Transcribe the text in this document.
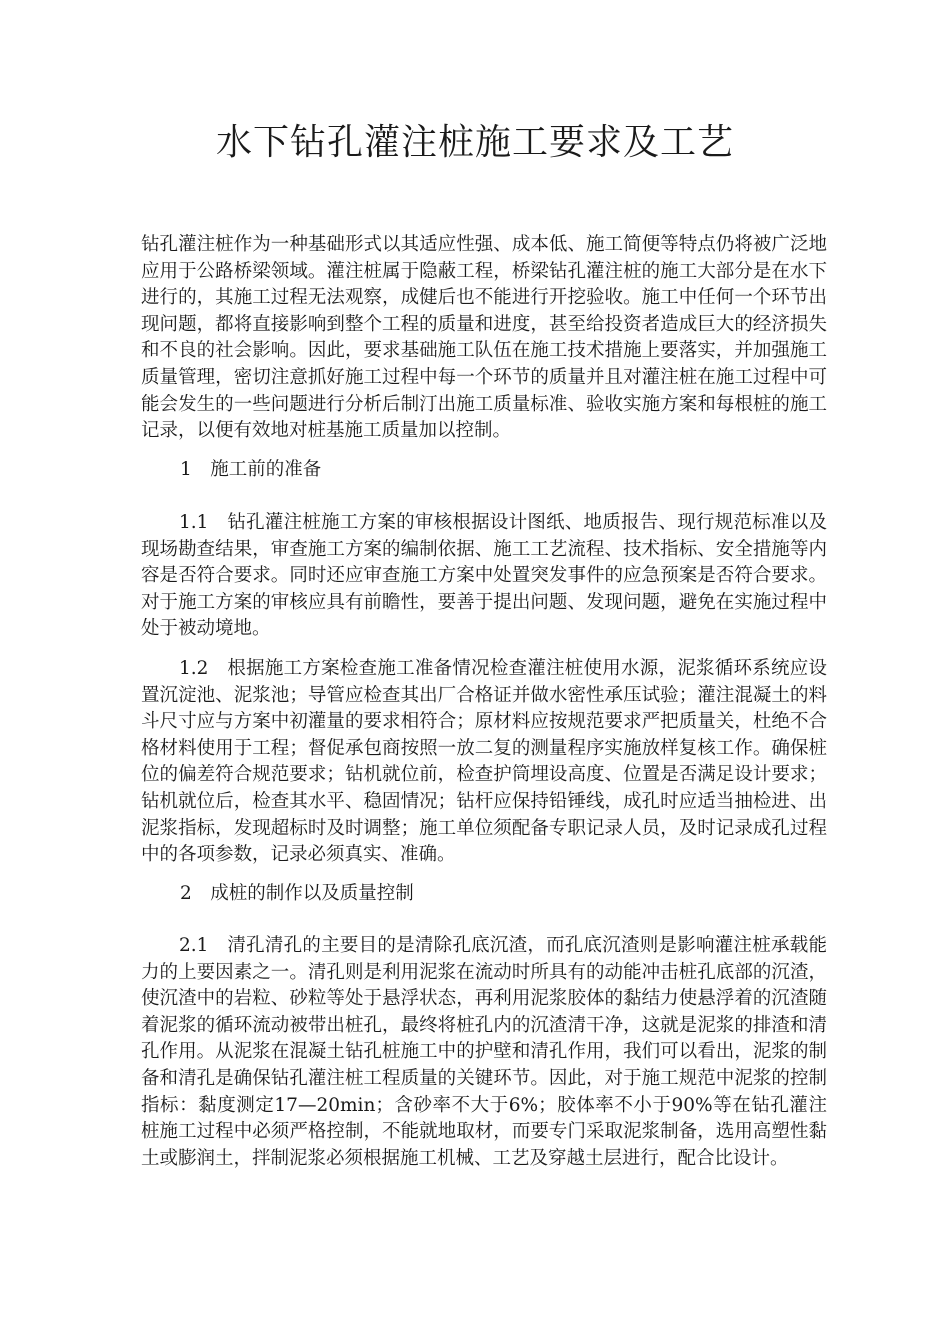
水下钻孔灌注桩施工要求及工艺

钻孔灌注桩作为一种基础形式以其适应性强、成本低、施工简便等特点仍将被广泛地应用于公路桥梁领域。灌注桩属于隐蔽工程，桥梁钻孔灌注桩的施工大部分是在水下进行的，其施工过程无法观察，成健后也不能进行开挖验收。施工中任何一个环节出现问题，都将直接影响到整个工程的质量和进度，甚至给投资者造成巨大的经济损失和不良的社会影响。因此，要求基础施工队伍在施工技术措施上要落实，并加强施工质量管理，密切注意抓好施工过程中每一个环节的质量并且对灌注桩在施工过程中可能会发生的一些问题进行分析后制汀出施工质量标准、验收实施方案和每根桩的施工记录，以便有效地对桩基施工质量加以控制。

1　施工前的准备

1.1　钻孔灌注桩施工方案的审核根据设计图纸、地质报告、现行规范标准以及现场勘查结果，审查施工方案的编制依据、施工工艺流程、技术指标、安全措施等内容是否符合要求。同时还应审查施工方案中处置突发事件的应急预案是否符合要求。对于施工方案的审核应具有前瞻性，要善于提出问题、发现问题，避免在实施过程中处于被动境地。

1.2　根据施工方案检查施工准备情况检查灌注桩使用水源，泥浆循环系统应设置沉淀池、泥浆池；导管应检查其出厂合格证并做水密性承压试验；灌注混凝土的料斗尺寸应与方案中初灌量的要求相符合；原材料应按规范要求严把质量关，杜绝不合格材料使用于工程；督促承包商按照一放二复的测量程序实施放样复核工作。确保桩位的偏差符合规范要求；钻机就位前，检查护筒埋设高度、位置是否满足设计要求；钻机就位后，检查其水平、稳固情况；钻杆应保持铅锤线，成孔时应适当抽检进、出泥浆指标，发现超标时及时调整；施工单位须配备专职记录人员，及时记录成孔过程中的各项参数，记录必须真实、准确。

2　成桩的制作以及质量控制

2.1　清孔清孔的主要目的是清除孔底沉渣，而孔底沉渣则是影响灌注桩承载能力的上要因素之一。清孔则是利用泥浆在流动时所具有的动能冲击桩孔底部的沉渣，使沉渣中的岩粒、砂粒等处于悬浮状态，再利用泥浆胶体的黏结力使悬浮着的沉渣随着泥浆的循环流动被带出桩孔，最终将桩孔内的沉渣清干净，这就是泥浆的排渣和清孔作用。从泥浆在混凝土钻孔桩施工中的护壁和清孔作用，我们可以看出，泥浆的制备和清孔是确保钻孔灌注桩工程质量的关键环节。因此，对于施工规范中泥浆的控制指标：黏度测定17—20min；含砂率不大于6%；胶体率不小于90%等在钻孔灌注桩施工过程中必须严格控制，不能就地取材，而要专门采取泥浆制备，选用高塑性黏土或膨润土，拌制泥浆必须根据施工机械、工艺及穿越土层进行，配合比设计。
